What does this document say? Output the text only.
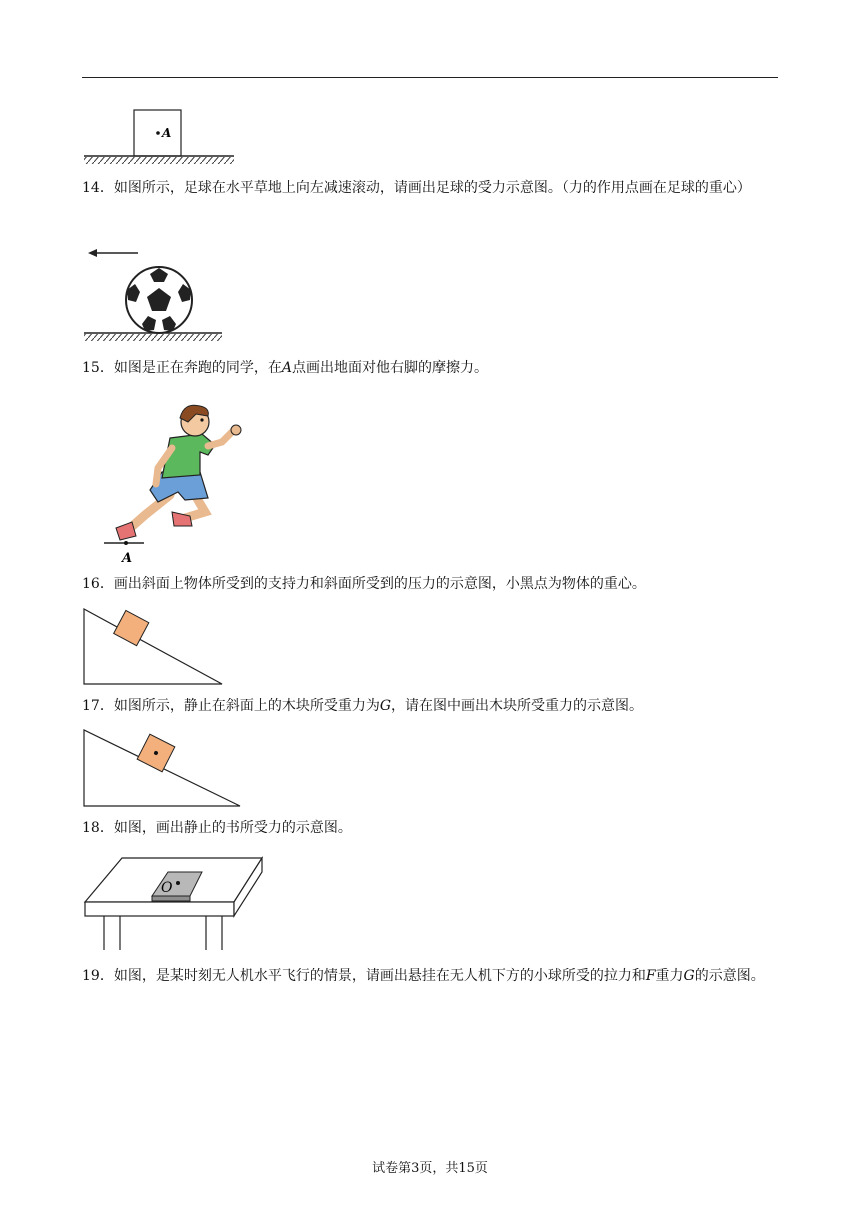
A

14．如图所示，足球在水平草地上向左减速滚动，请画出足球的受力示意图。（力的作用点画在足球的重心）

15．如图是正在奔跑的同学，在A点画出地面对他右脚的摩擦力。

A

16．画出斜面上物体所受到的支持力和斜面所受到的压力的示意图，小黑点为物体的重心。

17．如图所示，静止在斜面上的木块所受重力为G，请在图中画出木块所受重力的示意图。

18．如图，画出静止的书所受力的示意图。

O

19．如图，是某时刻无人机水平飞行的情景，请画出悬挂在无人机下方的小球所受的拉力和F重力G的示意图。

试卷第3页，共15页
